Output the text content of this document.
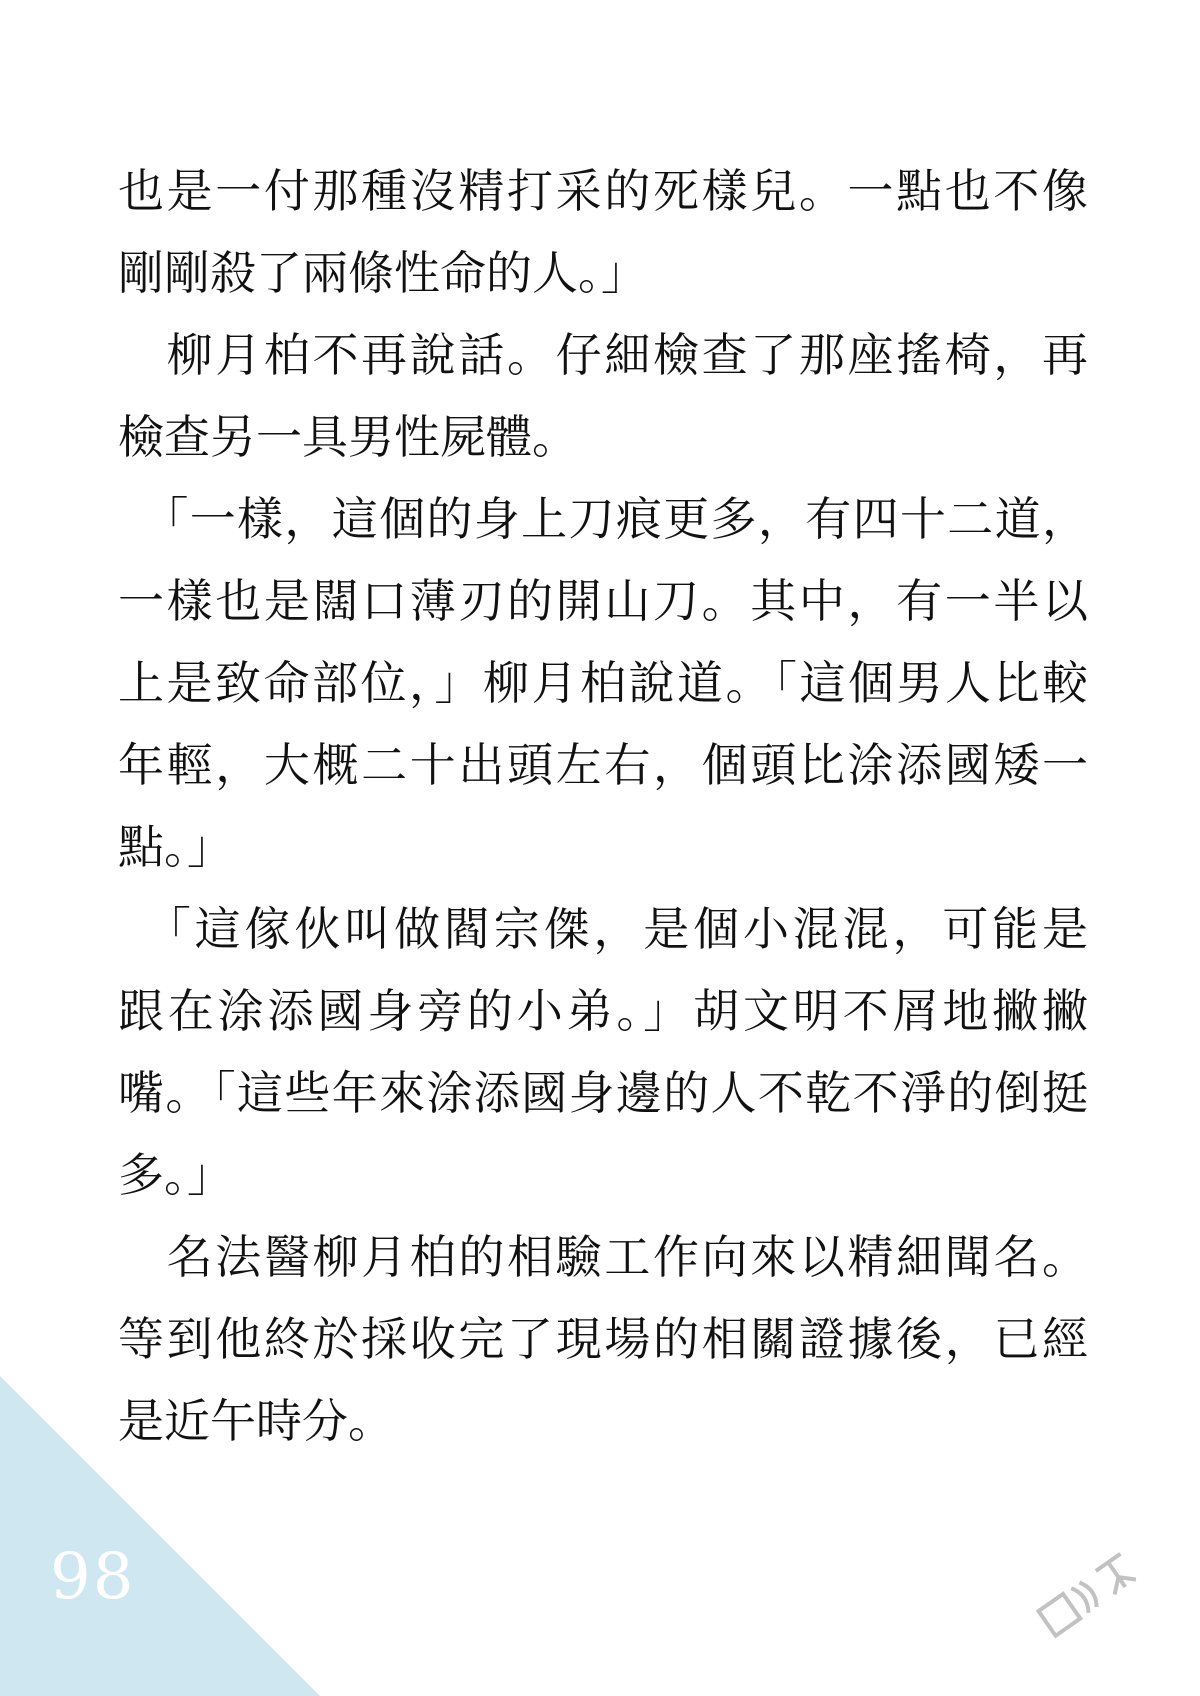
也是一付那種沒精打采的死樣兒。一點也不像
剛剛殺了兩條性命的人。」
　柳月柏不再說話。仔細檢查了那座搖椅，再
檢查另一具男性屍體。
　「一樣，這個的身上刀痕更多，有四十二道，
一樣也是闊口薄刃的開山刀。其中，有一半以
上是致命部位，」柳月柏說道。「這個男人比較
年輕，大概二十出頭左右，個頭比涂添國矮一
點。」
　「這傢伙叫做閻宗傑，是個小混混，可能是
跟在涂添國身旁的小弟。」胡文明不屑地撇撇
嘴。「這些年來涂添國身邊的人不乾不淨的倒挺
多。」
　名法醫柳月柏的相驗工作向來以精細聞名。
等到他終於採收完了現場的相關證據後，已經
是近午時分。
98
